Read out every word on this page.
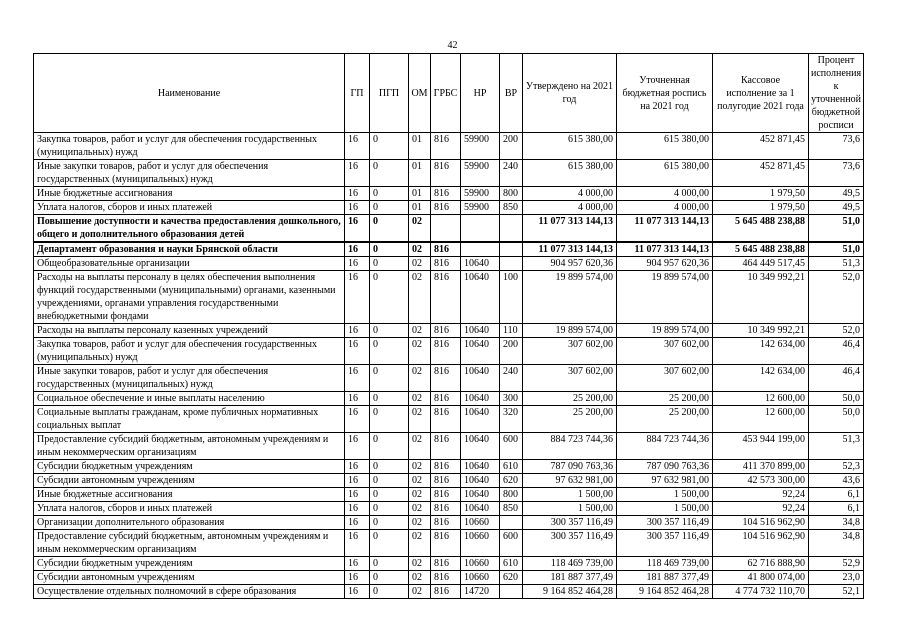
42
Наименование	ГП	ПГП	ОМ	ГРБС	НР	ВР	Утверждено на 2021 год	Уточненная бюджетная роспись на 2021 год	Кассовое исполнение за 1 полугодие 2021 года	Процент исполнения к уточненной бюджетной росписи
Закупка товаров, работ и услуг для обеспечения государственных (муниципальных) нужд	16	0	01	816	59900	200	615 380,00	615 380,00	452 871,45	73,6
Иные закупки товаров, работ и услуг для обеспечения государственных (муниципальных) нужд	16	0	01	816	59900	240	615 380,00	615 380,00	452 871,45	73,6
Иные бюджетные ассигнования	16	0	01	816	59900	800	4 000,00	4 000,00	1 979,50	49,5
Уплата налогов, сборов и иных платежей	16	0	01	816	59900	850	4 000,00	4 000,00	1 979,50	49,5
Повышение доступности и качества предоставления дошкольного, общего и дополнительного образования детей	16	0	02				11 077 313 144,13	11 077 313 144,13	5 645 488 238,88	51,0
Департамент образования и науки Брянской области	16	0	02	816			11 077 313 144,13	11 077 313 144,13	5 645 488 238,88	51,0
Общеобразовательные организации	16	0	02	816	10640		904 957 620,36	904 957 620,36	464 449 517,45	51,3
Расходы на выплаты персоналу в целях обеспечения выполнения функций государственными (муниципальными) органами, казенными учреждениями, органами управления государственными внебюджетными фондами	16	0	02	816	10640	100	19 899 574,00	19 899 574,00	10 349 992,21	52,0
Расходы на выплаты персоналу казенных учреждений	16	0	02	816	10640	110	19 899 574,00	19 899 574,00	10 349 992,21	52,0
Закупка товаров, работ и услуг для обеспечения государственных (муниципальных) нужд	16	0	02	816	10640	200	307 602,00	307 602,00	142 634,00	46,4
Иные закупки товаров, работ и услуг для обеспечения государственных (муниципальных) нужд	16	0	02	816	10640	240	307 602,00	307 602,00	142 634,00	46,4
Социальное обеспечение и иные выплаты населению	16	0	02	816	10640	300	25 200,00	25 200,00	12 600,00	50,0
Социальные выплаты гражданам, кроме публичных нормативных социальных выплат	16	0	02	816	10640	320	25 200,00	25 200,00	12 600,00	50,0
Предоставление субсидий бюджетным, автономным учреждениям и иным некоммерческим организациям	16	0	02	816	10640	600	884 723 744,36	884 723 744,36	453 944 199,00	51,3
Субсидии бюджетным учреждениям	16	0	02	816	10640	610	787 090 763,36	787 090 763,36	411 370 899,00	52,3
Субсидии автономным учреждениям	16	0	02	816	10640	620	97 632 981,00	97 632 981,00	42 573 300,00	43,6
Иные бюджетные ассигнования	16	0	02	816	10640	800	1 500,00	1 500,00	92,24	6,1
Уплата налогов, сборов и иных платежей	16	0	02	816	10640	850	1 500,00	1 500,00	92,24	6,1
Организации дополнительного образования	16	0	02	816	10660		300 357 116,49	300 357 116,49	104 516 962,90	34,8
Предоставление субсидий бюджетным, автономным учреждениям и иным некоммерческим организациям	16	0	02	816	10660	600	300 357 116,49	300 357 116,49	104 516 962,90	34,8
Субсидии бюджетным учреждениям	16	0	02	816	10660	610	118 469 739,00	118 469 739,00	62 716 888,90	52,9
Субсидии автономным учреждениям	16	0	02	816	10660	620	181 887 377,49	181 887 377,49	41 800 074,00	23,0
Осуществление отдельных полномочий в сфере образования	16	0	02	816	14720		9 164 852 464,28	9 164 852 464,28	4 774 732 110,70	52,1
